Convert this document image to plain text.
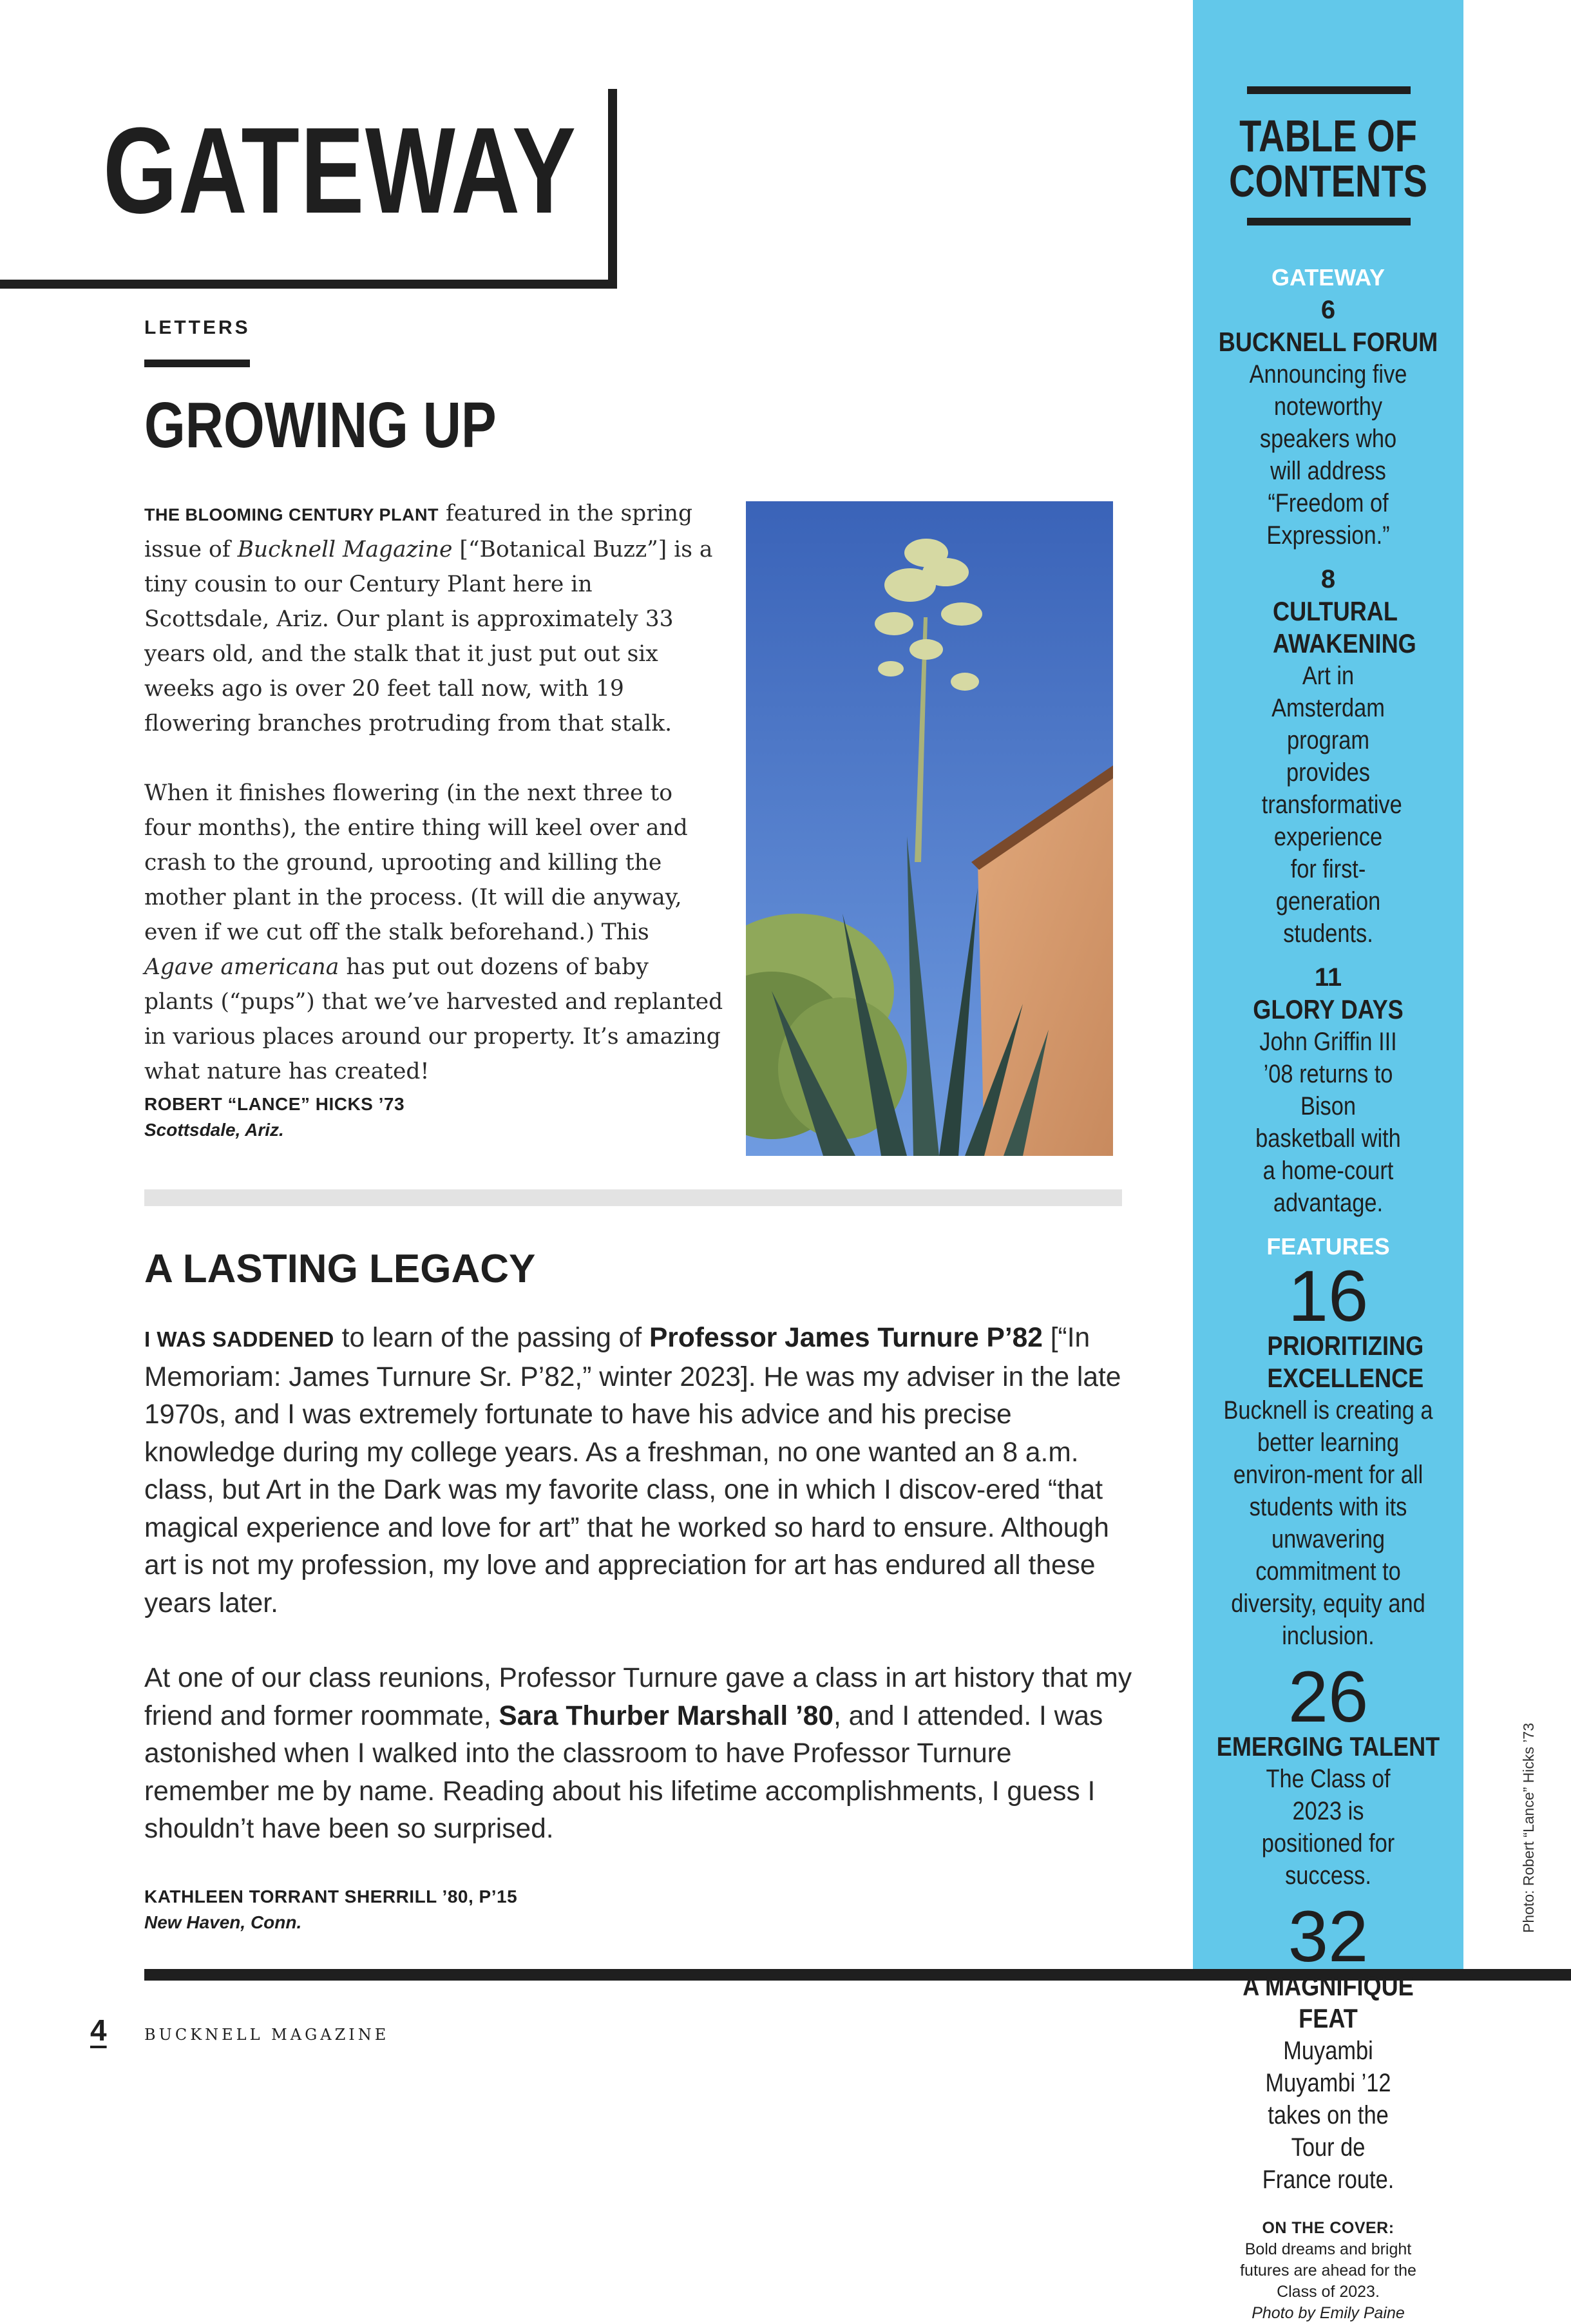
GATEWAY
LETTERS
GROWING UP

THE BLOOMING CENTURY PLANT featured in the spring issue of Bucknell Magazine [“Botanical Buzz”] is a tiny cousin to our Century Plant here in Scottsdale, Ariz. Our plant is approximately 33 years old, and the stalk that it just put out six weeks ago is over 20 feet tall now, with 19 flowering branches protruding from that stalk.

When it finishes flowering (in the next three to four months), the entire thing will keel over and crash to the ground, uprooting and killing the mother plant in the process. (It will die anyway, even if we cut off the stalk beforehand.) This Agave americana has put out dozens of baby plants (“pups”) that we’ve harvested and replanted in various places around our property. It’s amazing what nature has created!

ROBERT “LANCE” HICKS ’73
Scottsdale, Ariz.
Photo: Robert “Lance” Hicks ’73
A LASTING LEGACY

I WAS SADDENED to learn of the passing of Professor James Turnure P’82 [“In Memoriam: James Turnure Sr. P’82,” winter 2023]. He was my adviser in the late 1970s, and I was extremely fortunate to have his advice and his precise knowledge during my college years. As a freshman, no one wanted an 8 a.m. class, but Art in the Dark was my favorite class, one in which I discov-ered “that magical experience and love for art” that he worked so hard to ensure. Although art is not my profession, my love and appreciation for art has endured all these years later.

At one of our class reunions, Professor Turnure gave a class in art history that my friend and former roommate, Sara Thurber Marshall ’80, and I attended. I was astonished when I walked into the classroom to have Professor Turnure remember me by name. Reading about his lifetime accomplishments, I guess I shouldn’t have been so surprised.

KATHLEEN TORRANT SHERRILL ’80, P’15
New Haven, Conn.
4 BUCKNELL MAGAZINE
TABLE OF
CONTENTS
GATEWAY
6
BUCKNELL FORUM
Announcing five noteworthy speakers who will address “Freedom of Expression.”
8
CULTURAL AWAKENING
Art in Amsterdam program provides transformative experience for first-generation students.
11
GLORY DAYS
John Griffin III ’08 returns to Bison basketball with a home-court advantage.
FEATURES
16
PRIORITIZING EXCELLENCE
Bucknell is creating a better learning environ-ment for all students with its unwavering commitment to diversity, equity and inclusion.
26
EMERGING TALENT
The Class of 2023 is positioned for success.
32
A MAGNIFIQUE FEAT
Muyambi Muyambi ’12 takes on the Tour de France route.
ON THE COVER:
Bold dreams and bright futures are ahead for the Class of 2023.
Photo by Emily Paine
